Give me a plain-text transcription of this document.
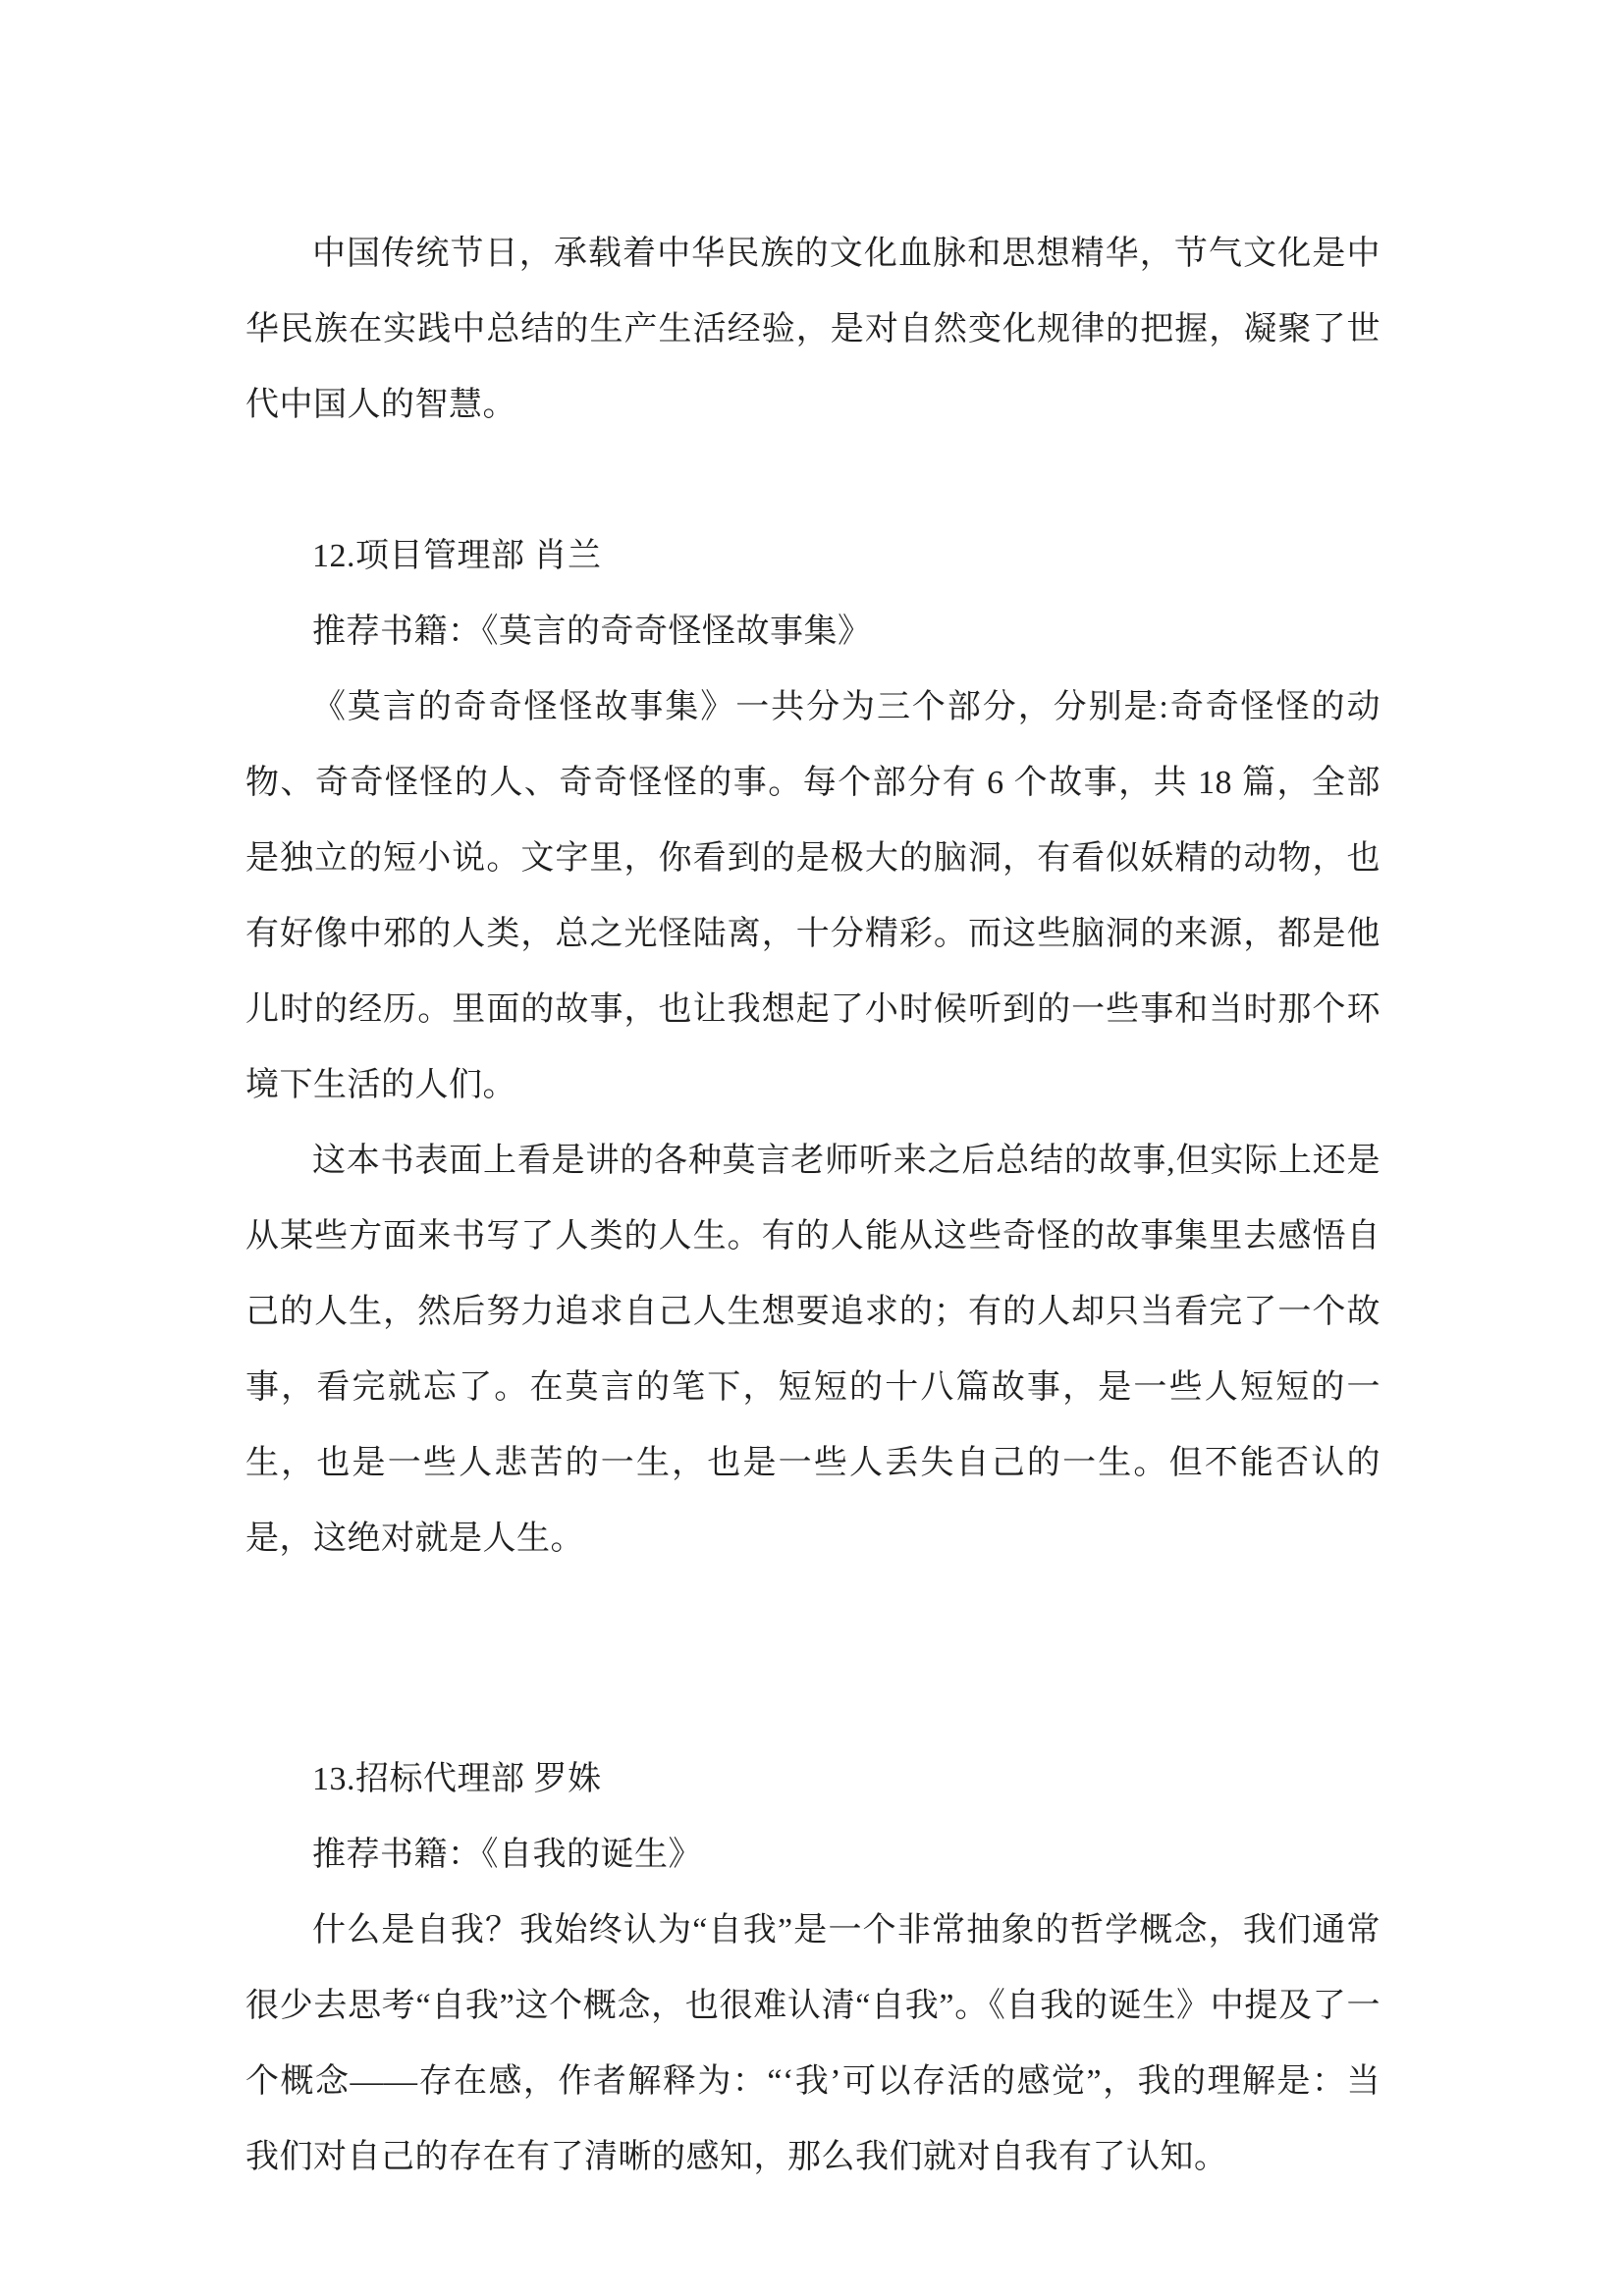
中国传统节日，承载着中华民族的文化血脉和思想精华，节气文化是中华民族在实践中总结的生产生活经验，是对自然变化规律的把握，凝聚了世代中国人的智慧。

12.项目管理部 肖兰

推荐书籍：《莫言的奇奇怪怪故事集》

《莫言的奇奇怪怪故事集》一共分为三个部分，分别是:奇奇怪怪的动物、奇奇怪怪的人、奇奇怪怪的事。每个部分有 6 个故事，共 18 篇，全部是独立的短小说。文字里，你看到的是极大的脑洞，有看似妖精的动物，也有好像中邪的人类，总之光怪陆离，十分精彩。而这些脑洞的来源，都是他儿时的经历。里面的故事，也让我想起了小时候听到的一些事和当时那个环境下生活的人们。

这本书表面上看是讲的各种莫言老师听来之后总结的故事,但实际上还是从某些方面来书写了人类的人生。有的人能从这些奇怪的故事集里去感悟自己的人生，然后努力追求自己人生想要追求的；有的人却只当看完了一个故事，看完就忘了。在莫言的笔下，短短的十八篇故事，是一些人短短的一生，也是一些人悲苦的一生，也是一些人丢失自己的一生。但不能否认的是，这绝对就是人生。

13.招标代理部 罗姝

推荐书籍：《自我的诞生》

什么是自我？我始终认为“自我”是一个非常抽象的哲学概念，我们通常很少去思考“自我”这个概念，也很难认清“自我”。《自我的诞生》中提及了一个概念——存在感，作者解释为：“‘我’可以存活的感觉”，我的理解是：当我们对自己的存在有了清晰的感知，那么我们就对自我有了认知。
